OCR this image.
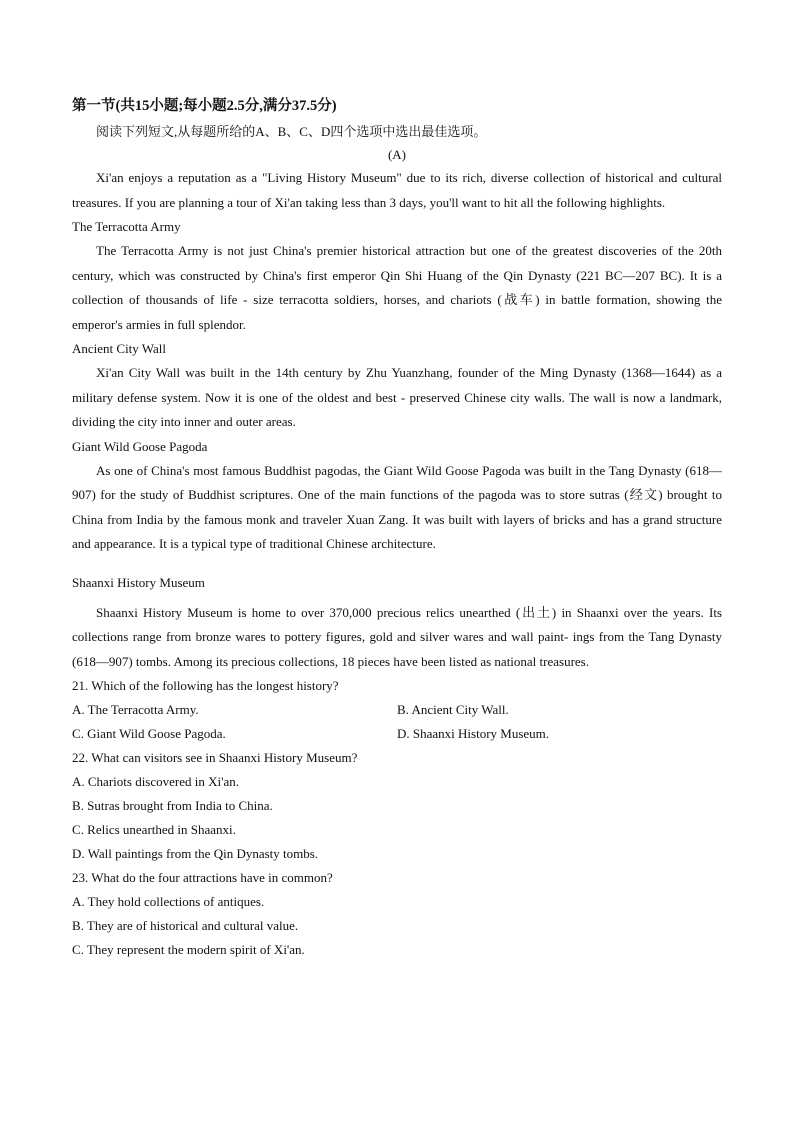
第一节(共15小题;每小题2.5分,满分37.5分)

阅读下列短文,从每题所给的A、B、C、D四个选项中选出最佳选项。

(A)

Xi'an enjoys a reputation as a "Living History Museum" due to its rich, diverse collection of historical and cultural treasures. If you are planning a tour of Xi'an taking less than 3 days, you'll want to hit all the following highlights.

The Terracotta Army

The Terracotta Army is not just China's premier historical attraction but one of the greatest discoveries of the 20th century, which was constructed by China's first emperor Qin Shi Huang of the Qin Dynasty (221 BC—207 BC). It is a collection of thousands of life - size terracotta soldiers, horses, and chariots (战车) in battle formation, showing the emperor's armies in full splendor.

Ancient City Wall

Xi'an City Wall was built in the 14th century by Zhu Yuanzhang, founder of the Ming Dynasty (1368—1644) as a military defense system. Now it is one of the oldest and best - preserved Chinese city walls. The wall is now a landmark, dividing the city into inner and outer areas.

Giant Wild Goose Pagoda

As one of China's most famous Buddhist pagodas, the Giant Wild Goose Pagoda was built in the Tang Dynasty (618—907) for the study of Buddhist scriptures. One of the main functions of the pagoda was to store sutras (经文) brought to China from India by the famous monk and traveler Xuan Zang. It was built with layers of bricks and has a grand structure and appearance. It is a typical type of traditional Chinese architecture.

Shaanxi History Museum

Shaanxi History Museum is home to over 370,000 precious relics unearthed (出土) in Shaanxi over the years. Its collections range from bronze wares to pottery figures, gold and silver wares and wall paint- ings from the Tang Dynasty (618—907) tombs. Among its precious collections, 18 pieces have been listed as national treasures.

21. Which of the following has the longest history?

A. The Terracotta Army.	B. Ancient City Wall.
C. Giant Wild Goose Pagoda.	D. Shaanxi History Museum.

22. What can visitors see in Shaanxi History Museum?

A. Chariots discovered in Xi'an.

B. Sutras brought from India to China.

C. Relics unearthed in Shaanxi.

D. Wall paintings from the Qin Dynasty tombs.

23. What do the four attractions have in common?

A. They hold collections of antiques.

B. They are of historical and cultural value.

C. They represent the modern spirit of Xi'an.
